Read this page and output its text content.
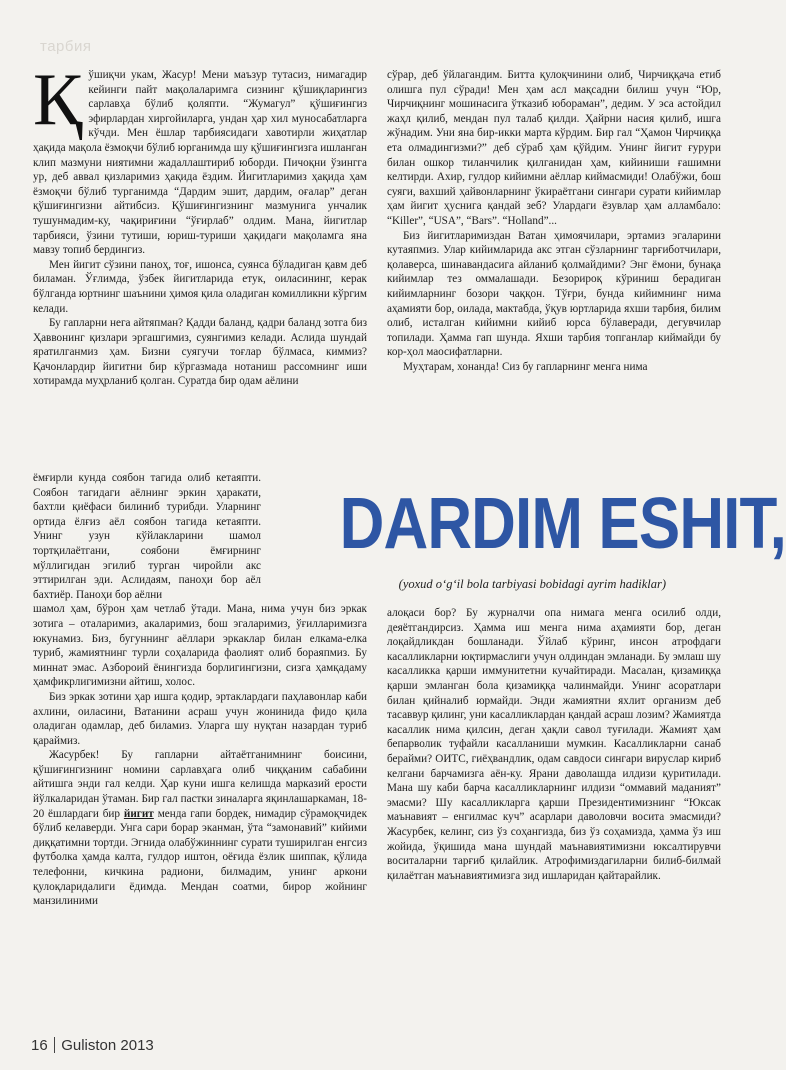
тарбия

Қўшиқчи укам, Жасур! Мени маъзур тутасиз, нимагадир кейинги пайт мақолаларимга сизнинг қўшиқларингиз сарлавҳа бўлиб қоляпти. “Жумагул” қўшиғингиз эфирлардан хиргойиларга, ундан ҳар хил муносабатларга кўчди. Мен ёшлар тарбиясидаги хавотирли жиҳатлар ҳақида мақола ёзмоқчи бўлиб юрганимда шу қўшиғингизга ишланган клип мазмуни ниятимни жадаллаштириб юборди. Пичоқни ўзингга ур, деб аввал қизларимиз ҳақида ёздим. Йигитларимиз ҳақида ҳам ёзмоқчи бўлиб турганимда “Дардим эшит, дардим, оғалар” деган қўшиғингизни айтибсиз. Қўшиғингизнинг мазмунига унчалик тушунмадим-ку, чақириғини “ўғирлаб” олдим. Мана, йигитлар тарбияси, ўзини тутиши, юриш-туриши ҳақидаги мақоламга яна мавзу топиб бердингиз.

Мен йигит сўзини паноҳ, тоғ, ишонса, суянса бўладиган қавм деб биламан. Ўғлимда, ўзбек йигитларида етук, оиласининг, керак бўлганда юртнинг шаънини ҳимоя қила оладиган комилликни кўргим келади.

Бу гапларни нега айтяпман? Қадди баланд, қадри баланд зотга биз Ҳаввонинг қизлари эргашгимиз, суянгимиз келади. Аслида шундай яратилганмиз ҳам. Бизни суягучи тоғлар бўлмаса, киммиз? Қачонлардир йигитни бир кўргазмада нотаниш рассомнинг иши хотирамда муҳрланиб қолган. Суратда бир одам аёлини

ёмғирли кунда соябон тагида олиб кетаяпти. Соябон тагидаги аёлнинг эркин ҳаракати, бахтли қиёфаси билиниб турибди. Уларнинг ортида ёлғиз аёл соябон тагида кетаяпти. Унинг узун кўйлакларини шамол тортқилаётгани, соябони ёмғирнинг мўллигидан эгилиб турган чиройли акс эттирилган эди. Аслидаям, паноҳи бор аёл бахтиёр. Паноҳи бор аёлни

шамол ҳам, бўрон ҳам четлаб ўтади. Мана, нима учун биз эркак зотига – оталаримиз, акаларимиз, бош эгаларимиз, ўғилларимизга юкунамиз. Биз, бугуннинг аёллари эркаклар билан елкама-елка туриб, жамиятнинг турли соҳаларида фаолият олиб бораяпмиз. Бу миннат эмас. Азбороий ёнингизда борлигингизни, сизга ҳамқадаму ҳамфикрлигимизни айтиш, холос.

Биз эркак зотини ҳар ишга қодир, эртаклардаги паҳлавонлар каби ахлини, оиласини, Ватанини асраш учун жонинида фидо қила оладиган одамлар, деб биламиз. Уларга шу нуқтан назардан туриб қараймиз.

Жасурбек! Бу гапларни айтаётганимнинг боисини, қўшиғингизнинг номини сарлавҳага олиб чиққаним сабабини айтишга энди гал келди. Ҳар куни ишга келишда марказий ерости йўлкаларидан ўтаман. Бир гал пастки зиналарга яқинлашаркаман, 18-20 ёшлардаги бир йигит менда гапи бордек, нимадир сўрамоқчидек бўлиб келаверди. Унга сари борар эканман, ўта “замонавий” кийими диққатимни тортди. Эгнида олабўжиннинг сурати туширилган енгсиз футболка ҳамда калта, гулдор иштон, оёғида ёзлик шиппак, қўлида телефонни, кичкина радиони, билмадим, унинг аркони қулоқларидалиги ёдимда. Мендан соатми, бирор жойнинг манзилиними

сўрар, деб ўйлагандим. Битта қулоқчинини олиб, Чирчиққача етиб олишга пул сўради! Мен ҳам асл мақсадни билиш учун “Юр, Чирчиқнинг мошинасига ўтказиб юбораман”, дедим. У эса астойдил жаҳл қилиб, мендан пул талаб қилди. Ҳайрни насия қилиб, ишга жўнадим. Уни яна бир-икки марта кўрдим. Бир гал “Ҳамон Чирчиққа ета олмадингизми?” деб сўраб ҳам қўйдим. Унинг йигит ғурури билан ошкор тиланчилик қилганидан ҳам, кийиниши ғашимни келтирди. Ахир, гулдор кийимни аёллар киймасмиди! Олабўжи, бош суяги, вахший ҳайвонларнинг ўкираётгани сингари сурати кийимлар ҳам йигит ҳуснига қандай зеб? Улардаги ёзувлар ҳам алламбало: “Killer”, “USA”, “Bars”. “Holland”...

Биз йигитларимиздан Ватан ҳимоячилари, эртамиз эгаларини кутаяпмиз. Улар кийимларида акс этган сўзларнинг тарғиботчилари, қолаверса, шинавандасига айланиб қолмайдими? Энг ёмони, бунақа кийимлар тез оммалашади. Безорироқ кўриниш берадиган кийимларнинг бозори чаққон. Тўғри, бунда кийимнинг нима аҳамияти бор, оилада, мактабда, ўқув юртларида яхши тарбия, билим олиб, исталган кийимни кийиб юрса бўлаверади, дегувчилар топилади. Ҳамма гап шунда. Яхши тарбия топганлар киймайди бу кор-ҳол маосифатларни.

Муҳтарам, хонанда! Сиз бу гапларнинг менга нима

DARDIM ESHIT,
(yoxud o‘g‘il bola tarbiyasi bobidagi ayrim hadiklar)

алоқаси бор? Бу журналчи опа нимага менга осилиб олди, деяётгандирсиз. Ҳамма иш менга нима аҳамияти бор, деган лоқайдликдан бошланади. Ўйлаб кўринг, инсон атрофдаги касалликларни юқтирмаслиги учун олдиндан эмланади. Бу эмлаш шу касалликка қарши иммунитетни кучайтиради. Масалан, қизамиққа қарши эмланган бола қизамиққа чалинмайди. Унинг асоратлари билан қийналиб юрмайди. Энди жамиятни яхлит организм деб тасаввур қилинг, уни касалликлардан қандай асраш лозим? Жамиятда касаллик нима қилсин, деган ҳақли савол туғилади. Жамият ҳам бепарволик туфайли касалланиши мумкин. Касалликларни санаб берайми? ОИТС, гиёҳвандлик, одам савдоси сингари вируслар кириб келгани барчамизга аён-ку. Ярани даволашда илдизи қуритилади. Мана шу каби барча касалликларнинг илдизи “оммавий маданият” эмасми? Шу касалликларга қарши Президентимизнинг “Юксак маънавият – енгилмас куч” асарлари даволовчи восита эмасмиди? Жасурбек, келинг, сиз ўз соҳангизда, биз ўз соҳамизда, ҳамма ўз иш жойида, ўқишида мана шундай маънавиятимизни юксалтирувчи воситаларни тарғиб қилайлик. Атрофимиздагиларни билиб-билмай қилаётган маънавиятимизга зид ишларидан қайтарайлик.

16 Guliston 2013
